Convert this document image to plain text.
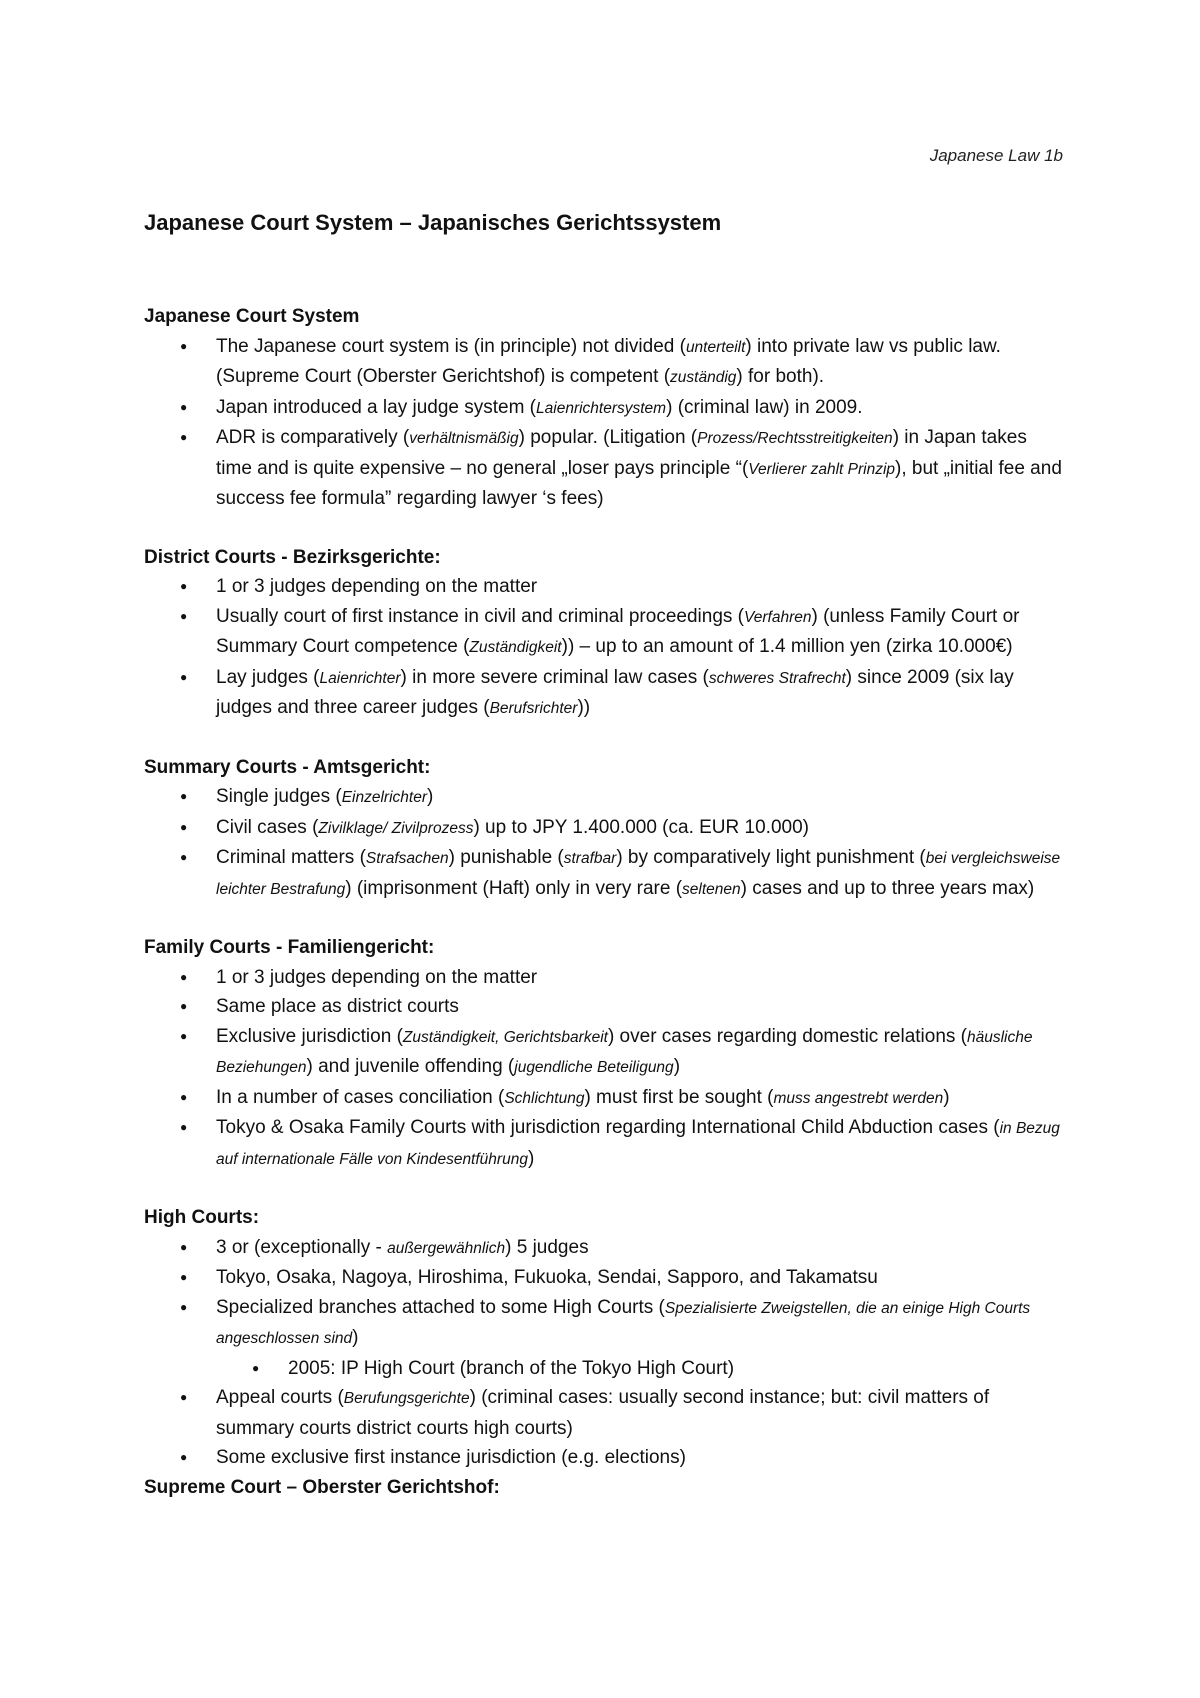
Japanese Law 1b
Japanese Court System – Japanisches Gerichtssystem

Japanese Court System

● The Japanese court system is (in principle) not divided (unterteilt) into private law vs public law. (Supreme Court (Oberster Gerichtshof) is competent (zuständig) for both).
● Japan introduced a lay judge system (Laienrichtersystem) (criminal law) in 2009.
● ADR is comparatively (verhältnismäßig) popular. (Litigation (Prozess/Rechtsstreitigkeiten) in Japan takes time and is quite expensive – no general „loser pays principle “(Verlierer zahlt Prinzip), but „initial fee and success fee formula” regarding lawyer ‘s fees)

District Courts - Bezirksgerichte:

● 1 or 3 judges depending on the matter
● Usually court of first instance in civil and criminal proceedings (Verfahren) (unless Family Court or Summary Court competence (Zuständigkeit)) – up to an amount of 1.4 million yen (zirka 10.000€)
● Lay judges (Laienrichter) in more severe criminal law cases (schweres Strafrecht) since 2009 (six lay judges and three career judges (Berufsrichter))

Summary Courts - Amtsgericht:

● Single judges (Einzelrichter)
● Civil cases (Zivilklage/ Zivilprozess) up to JPY 1.400.000 (ca. EUR 10.000)
● Criminal matters (Strafsachen) punishable (strafbar) by comparatively light punishment (bei vergleichsweise leichter Bestrafung) (imprisonment (Haft) only in very rare (seltenen) cases and up to three years max)

Family Courts - Familiengericht:

● 1 or 3 judges depending on the matter
● Same place as district courts
● Exclusive jurisdiction (Zuständigkeit, Gerichtsbarkeit) over cases regarding domestic relations (häusliche Beziehungen) and juvenile offending (jugendliche Beteiligung)
● In a number of cases conciliation (Schlichtung) must first be sought (muss angestrebt werden)
● Tokyo & Osaka Family Courts with jurisdiction regarding International Child Abduction cases (in Bezug auf internationale Fälle von Kindesentführung)

High Courts:

● 3 or (exceptionally - außergewähnlich) 5 judges
● Tokyo, Osaka, Nagoya, Hiroshima, Fukuoka, Sendai, Sapporo, and Takamatsu
● Specialized branches attached to some High Courts (Spezialisierte Zweigstellen, die an einige High Courts angeschlossen sind)
● 2005: IP High Court (branch of the Tokyo High Court)
● Appeal courts (Berufungsgerichte) (criminal cases: usually second instance; but: civil matters of summary courts district courts high courts)
● Some exclusive first instance jurisdiction (e.g. elections)

Supreme Court – Oberster Gerichtshof:
